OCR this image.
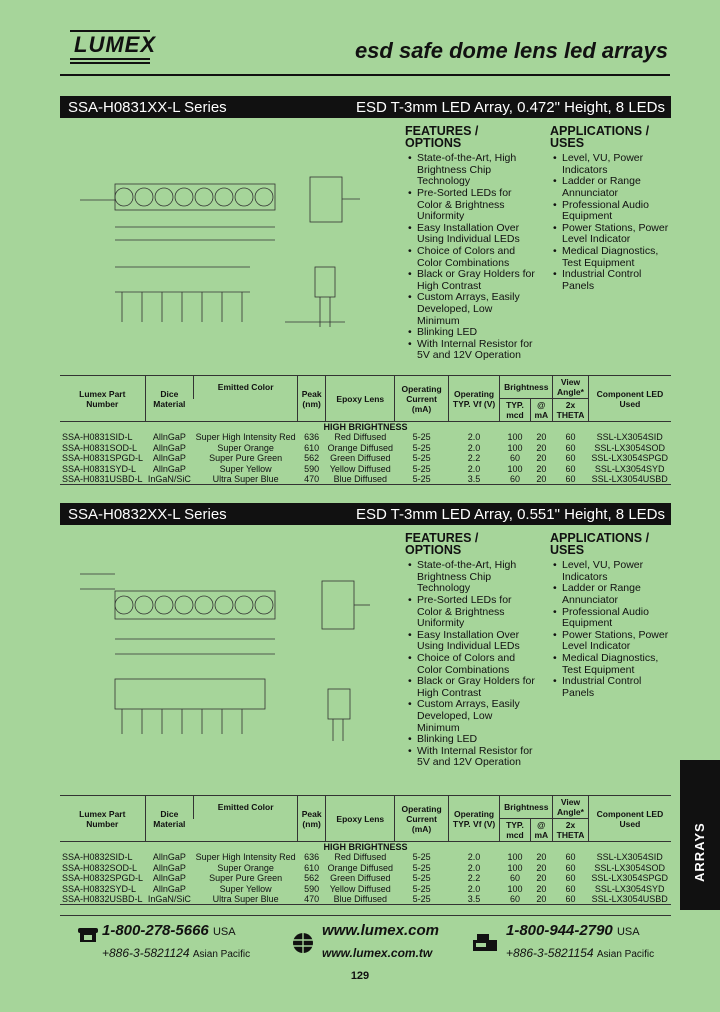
LUMEX	esd safe dome lens led arrays
SSA-H0831XX-L Series	ESD T-3mm LED Array, 0.472" Height, 8 LEDs
FEATURES / OPTIONS
• State-of-the-Art, High Brightness Chip Technology
• Pre-Sorted LEDs for Color & Brightness Uniformity
• Easy Installation Over Using Individual LEDs
• Choice of Colors and Color Combinations
• Black or Gray Holders for High Contrast
• Custom Arrays, Easily Developed, Low Minimum
• Blinking LED
• With Internal Resistor for 5V and 12V Operation
APPLICATIONS / USES
• Level, VU, Power Indicators
• Ladder or Range Annunciator
• Professional Audio Equipment
• Power Stations, Power Level Indicator
• Medical Diagnostics, Test Equipment
• Industrial Control Panels
Lumex Part Number	Dice Material	Emitted Color	Peak (nm)	Epoxy Lens	Operating Current (mA)	Operating TYP. Vf (V)	Brightness		View Angle*	Component LED Used
							TYP. mcd	@ mA	2x THETA	
HIGH BRIGHTNESS										
SSA-H0831SID-L	AllnGaP	Super High Intensity Red	636	Red Diffused	5-25	2.0	100	20	60	SSL-LX3054SID
SSA-H0831SOD-L	AllnGaP	Super Orange	610	Orange Diffused	5-25	2.0	100	20	60	SSL-LX3054SOD
SSA-H0831SPGD-L	AllnGaP	Super Pure Green	562	Green Diffused	5-25	2.2	60	20	60	SSL-LX3054SPGD
SSA-H0831SYD-L	AllnGaP	Super Yellow	590	Yellow Diffused	5-25	2.0	100	20	60	SSL-LX3054SYD
SSA-H0831USBD-L	InGaN/SiC	Ultra Super Blue	470	Blue Diffused	5-25	3.5	60	20	60	SSL-LX3054USBD
SSA-H0832XX-L Series	ESD T-3mm LED Array, 0.551" Height, 8 LEDs
FEATURES / OPTIONS
• State-of-the-Art, High Brightness Chip Technology
• Pre-Sorted LEDs for Color & Brightness Uniformity
• Easy Installation Over Using Individual LEDs
• Choice of Colors and Color Combinations
• Black or Gray Holders for High Contrast
• Custom Arrays, Easily Developed, Low Minimum
• Blinking LED
• With Internal Resistor for 5V and 12V Operation
APPLICATIONS / USES
• Level, VU, Power Indicators
• Ladder or Range Annunciator
• Professional Audio Equipment
• Power Stations, Power Level Indicator
• Medical Diagnostics, Test Equipment
• Industrial Control Panels
Lumex Part Number	Dice Material	Emitted Color	Peak (nm)	Epoxy Lens	Operating Current (mA)	Operating TYP. Vf (V)	Brightness		View Angle*	Component LED Used
							TYP. mcd	@ mA	2x THETA	
HIGH BRIGHTNESS										
SSA-H0832SID-L	AllnGaP	Super High Intensity Red	636	Red Diffused	5-25	2.0	100	20	60	SSL-LX3054SID
SSA-H0832SOD-L	AllnGaP	Super Orange	610	Orange Diffused	5-25	2.0	100	20	60	SSL-LX3054SOD
SSA-H0832SPGD-L	AllnGaP	Super Pure Green	562	Green Diffused	5-25	2.2	60	20	60	SSL-LX3054SPGD
SSA-H0832SYD-L	AllnGaP	Super Yellow	590	Yellow Diffused	5-25	2.0	100	20	60	SSL-LX3054SYD
SSA-H0832USBD-L	InGaN/SiC	Ultra Super Blue	470	Blue Diffused	5-25	3.5	60	20	60	SSL-LX3054USBD
ARRAYS
1-800-278-5666 USA
+886-3-5821124 Asian Pacific
www.lumex.com
www.lumex.com.tw
1-800-944-2790 USA
+886-3-5821154 Asian Pacific
129
